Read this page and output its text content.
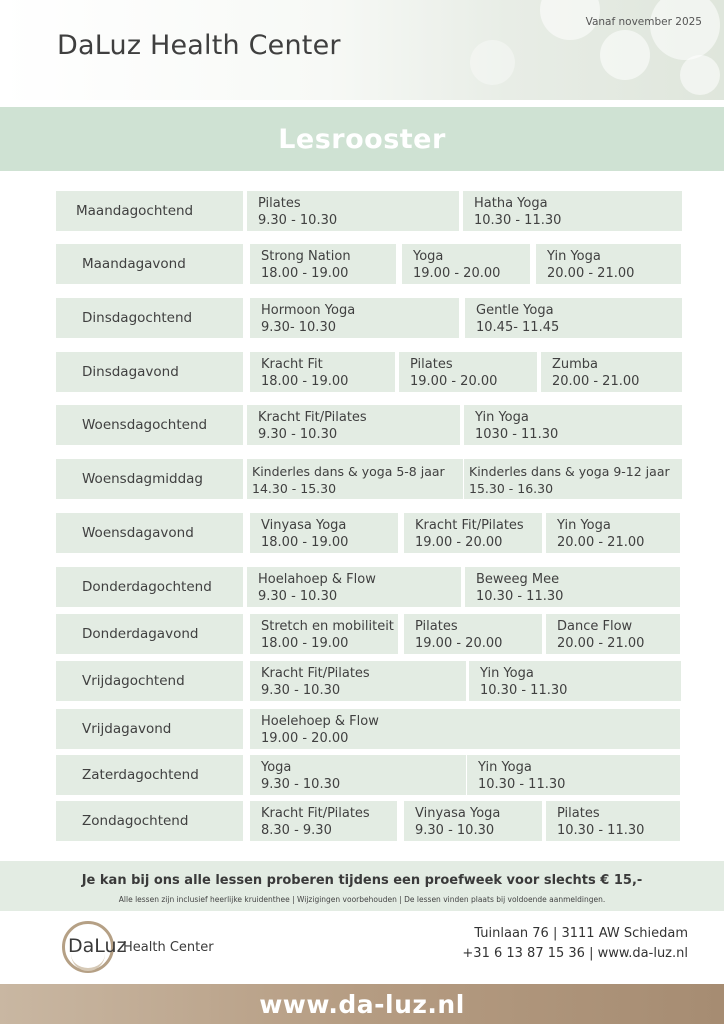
DaLuz Health Center
Vanaf november 2025
Lesrooster
Maandagochtend	Pilates
9.30 - 10.30
Hatha Yoga
10.30 - 11.30
Maandagavond	Strong Nation
18.00 - 19.00
Yoga
19.00 - 20.00
Yin Yoga
20.00 - 21.00
Dinsdagochtend	Hormoon Yoga
9.30- 10.30
Gentle Yoga
10.45- 11.45
Dinsdagavond	Kracht Fit
18.00 - 19.00
Pilates
19.00 - 20.00
Zumba
20.00 - 21.00
Woensdagochtend	Kracht Fit/Pilates
9.30 - 10.30
Yin Yoga
1030 - 11.30
Woensdagmiddag	Kinderles dans & yoga 5-8 jaar
14.30 - 15.30
Kinderles dans & yoga 9-12 jaar
15.30 - 16.30
Woensdagavond	Vinyasa Yoga
18.00 - 19.00
Kracht Fit/Pilates
19.00 - 20.00
Yin Yoga
20.00 - 21.00
Donderdagochtend	Hoelahoep & Flow
9.30 - 10.30
Beweeg Mee
10.30 - 11.30
Donderdagavond	Stretch en mobiliteit
18.00 - 19.00
Pilates
19.00 - 20.00
Dance Flow
20.00 - 21.00
Vrijdagochtend	Kracht Fit/Pilates
9.30 - 10.30
Yin Yoga
10.30 - 11.30
Vrijdagavond	Hoelehoep & Flow
19.00 - 20.00
Zaterdagochtend	Yoga
9.30 - 10.30
Yin Yoga
10.30 - 11.30
Zondagochtend	Kracht Fit/Pilates
8.30 - 9.30
Vinyasa Yoga
9.30 - 10.30
Pilates
10.30 - 11.30
Je kan bij ons alle lessen proberen tijdens een proefweek voor slechts € 15,-
Alle lessen zijn inclusief heerlijke kruidenthee | Wijzigingen voorbehouden | De lessen vinden plaats bij voldoende aanmeldingen.
DaLuz
Health Center
Tuinlaan 76 | 3111 AW Schiedam
+31 6 13 87 15 36 | www.da-luz.nl
www.da-luz.nl
